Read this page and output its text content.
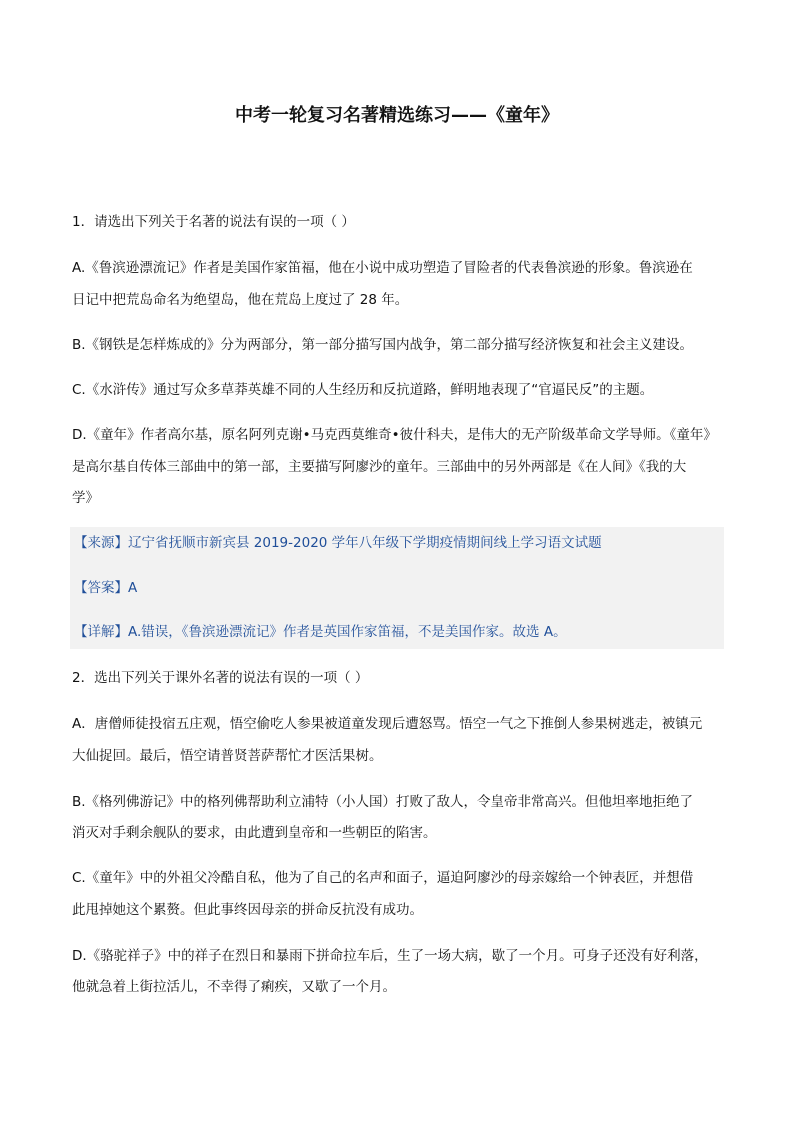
中考一轮复习名著精选练习——《童年》
1．请选出下列关于名著的说法有误的一项（ ）
A.《鲁滨逊漂流记》作者是美国作家笛福，他在小说中成功塑造了冒险者的代表鲁滨逊的形象。鲁滨逊在
日记中把荒岛命名为绝望岛，他在荒岛上度过了 28 年。
B.《钢铁是怎样炼成的》分为两部分，第一部分描写国内战争，第二部分描写经济恢复和社会主义建设。
C.《水浒传》通过写众多草莽英雄不同的人生经历和反抗道路，鲜明地表现了“官逼民反”的主题。
D.《童年》作者高尔基，原名阿列克谢•马克西莫维奇•彼什科夫，是伟大的无产阶级革命文学导师。《童年》
是高尔基自传体三部曲中的第一部，主要描写阿廖沙的童年。三部曲中的另外两部是《在人间》《我的大
学》
【来源】辽宁省抚顺市新宾县 2019-2020 学年八年级下学期疫情期间线上学习语文试题
【答案】A
【详解】A.错误，《鲁滨逊漂流记》作者是英国作家笛福，不是美国作家。故选 A。
2．选出下列关于课外名著的说法有误的一项（ ）
A．唐僧师徒投宿五庄观，悟空偷吃人参果被道童发现后遭怒骂。悟空一气之下推倒人参果树逃走，被镇元
大仙捉回。最后，悟空请普贤菩萨帮忙才医活果树。
B.《格列佛游记》中的格列佛帮助利立浦特（小人国）打败了敌人，令皇帝非常高兴。但他坦率地拒绝了
消灭对手剩余舰队的要求，由此遭到皇帝和一些朝臣的陷害。
C.《童年》中的外祖父冷酷自私，他为了自己的名声和面子，逼迫阿廖沙的母亲嫁给一个钟表匠，并想借
此甩掉她这个累赘。但此事终因母亲的拼命反抗没有成功。
D.《骆驼祥子》中的祥子在烈日和暴雨下拼命拉车后，生了一场大病，歇了一个月。可身子还没有好利落，
他就急着上街拉活儿，不幸得了痢疾，又歇了一个月。
